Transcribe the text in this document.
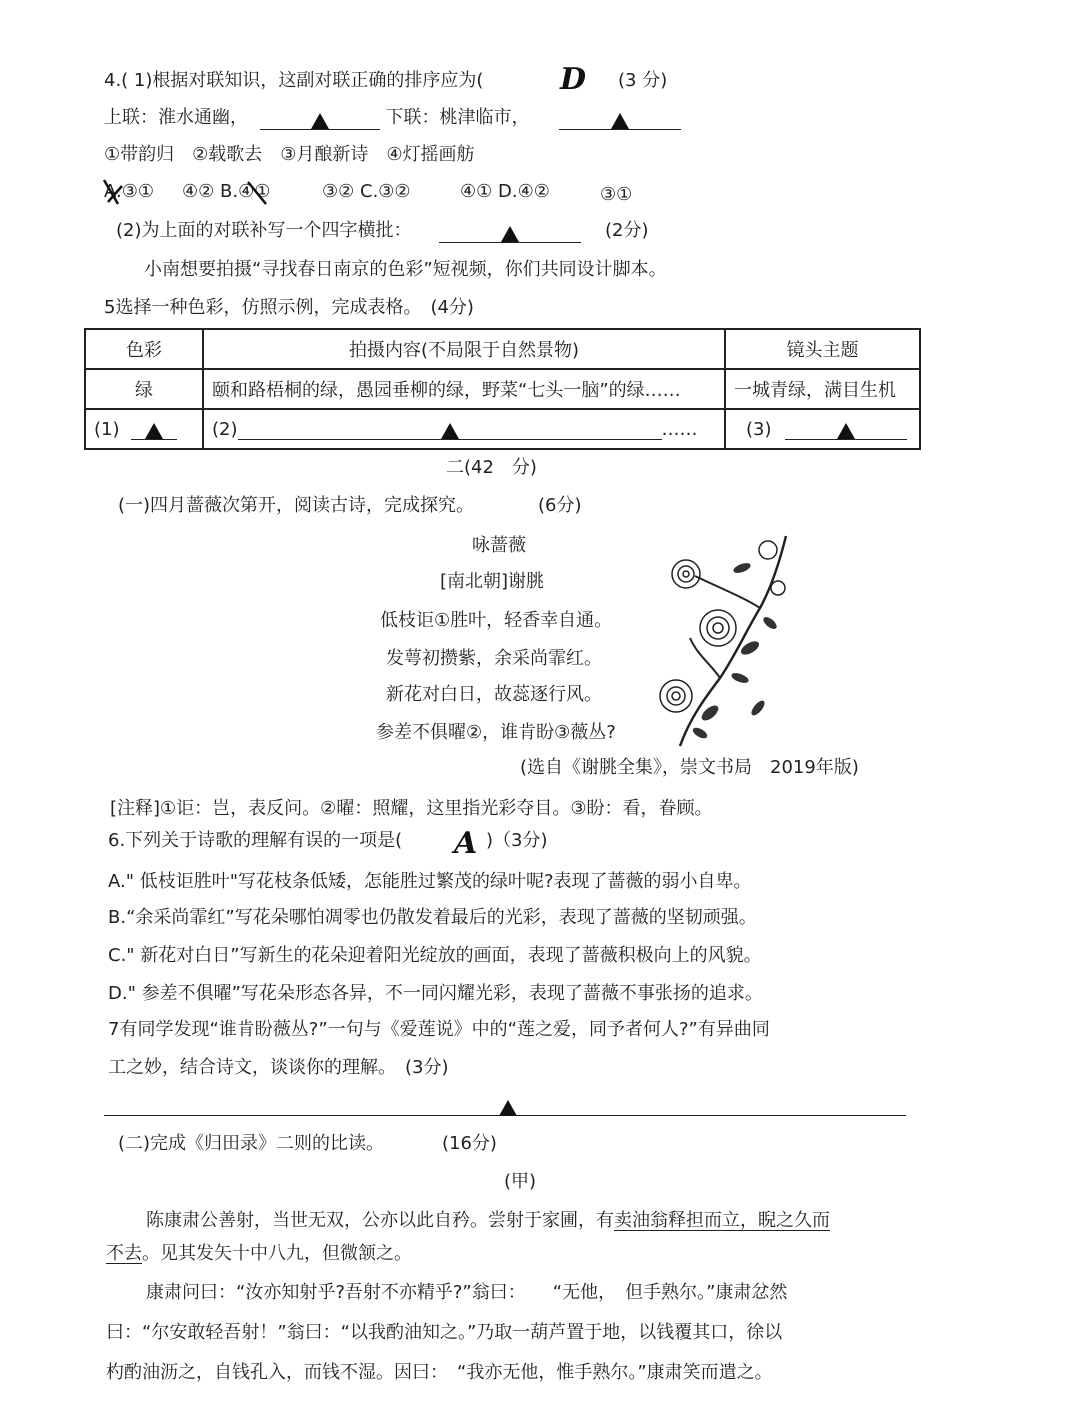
4.( 1)根据对联知识，这副对联正确的排序应为(	D (3 分)
上联：淮水通幽，	下联：桃津临市，
①带韵归　②载歌去　③月酿新诗　④灯摇画舫
A.③① ④② B.④①	③② C.③②	④① D.④②	③①
(2)为上面的对联补写一个四字横批：	(2分)
小南想要拍摄“寻找春日南京的色彩”短视频，你们共同设计脚本。
5选择一种色彩，仿照示例，完成表格。　(4分)
色彩	拍摄内容(不局限于自然景物)	镜头主题
绿	颐和路梧桐的绿，愚园垂柳的绿，野菜“七头一脑”的绿……	一城青绿，满目生机
(1)	(2) ……	(3)
二(42　分)
(一)四月蔷薇次第开，阅读古诗，完成探究。	(6分)
咏蔷薇
[南北朝]谢朓
低枝讵①胜叶，轻香幸自通。
发萼初攒紫，余采尚霏红。
新花对白日，故蕊逐行风。
参差不俱曜②，谁肯盼③薇丛?
(选自《谢朓全集》，崇文书局　2019年版)
[注释]①讵：岂，表反问。②曜：照耀，这里指光彩夺目。③盼：看，眷顾。
6.下列关于诗歌的理解有误的一项是( A )（3分)
A." 低枝讵胜叶"写花枝条低矮，怎能胜过繁茂的绿叶呢?表现了蔷薇的弱小自卑。
B.“余采尚霏红”写花朵哪怕凋零也仍散发着最后的光彩，表现了蔷薇的坚韧顽强。
C." 新花对白日”写新生的花朵迎着阳光绽放的画面，表现了蔷薇积极向上的风貌。
D." 参差不俱曜”写花朵形态各异，不一同闪耀光彩，表现了蔷薇不事张扬的追求。
7有同学发现“谁肯盼薇丛?”一句与《爱莲说》中的“莲之爱，同予者何人?”有异曲同
工之妙，结合诗文，谈谈你的理解。　(3分)
(二)完成《归田录》二则的比读。	(16分)
(甲)
陈康肃公善射，当世无双，公亦以此自矜。尝射于家圃，有卖油翁释担而立，睨之久而
不去。见其发矢十中八九，但微颔之。
康肃问曰：“汝亦知射乎?吾射不亦精乎?”翁曰：　　“无他，　但手熟尔。”康肃忿然
曰：“尔安敢轻吾射！”翁曰：“以我酌油知之。”乃取一葫芦置于地，以钱覆其口，徐以
杓酌油沥之，自钱孔入，而钱不湿。因曰：　“我亦无他，惟手熟尔。”康肃笑而遣之。
